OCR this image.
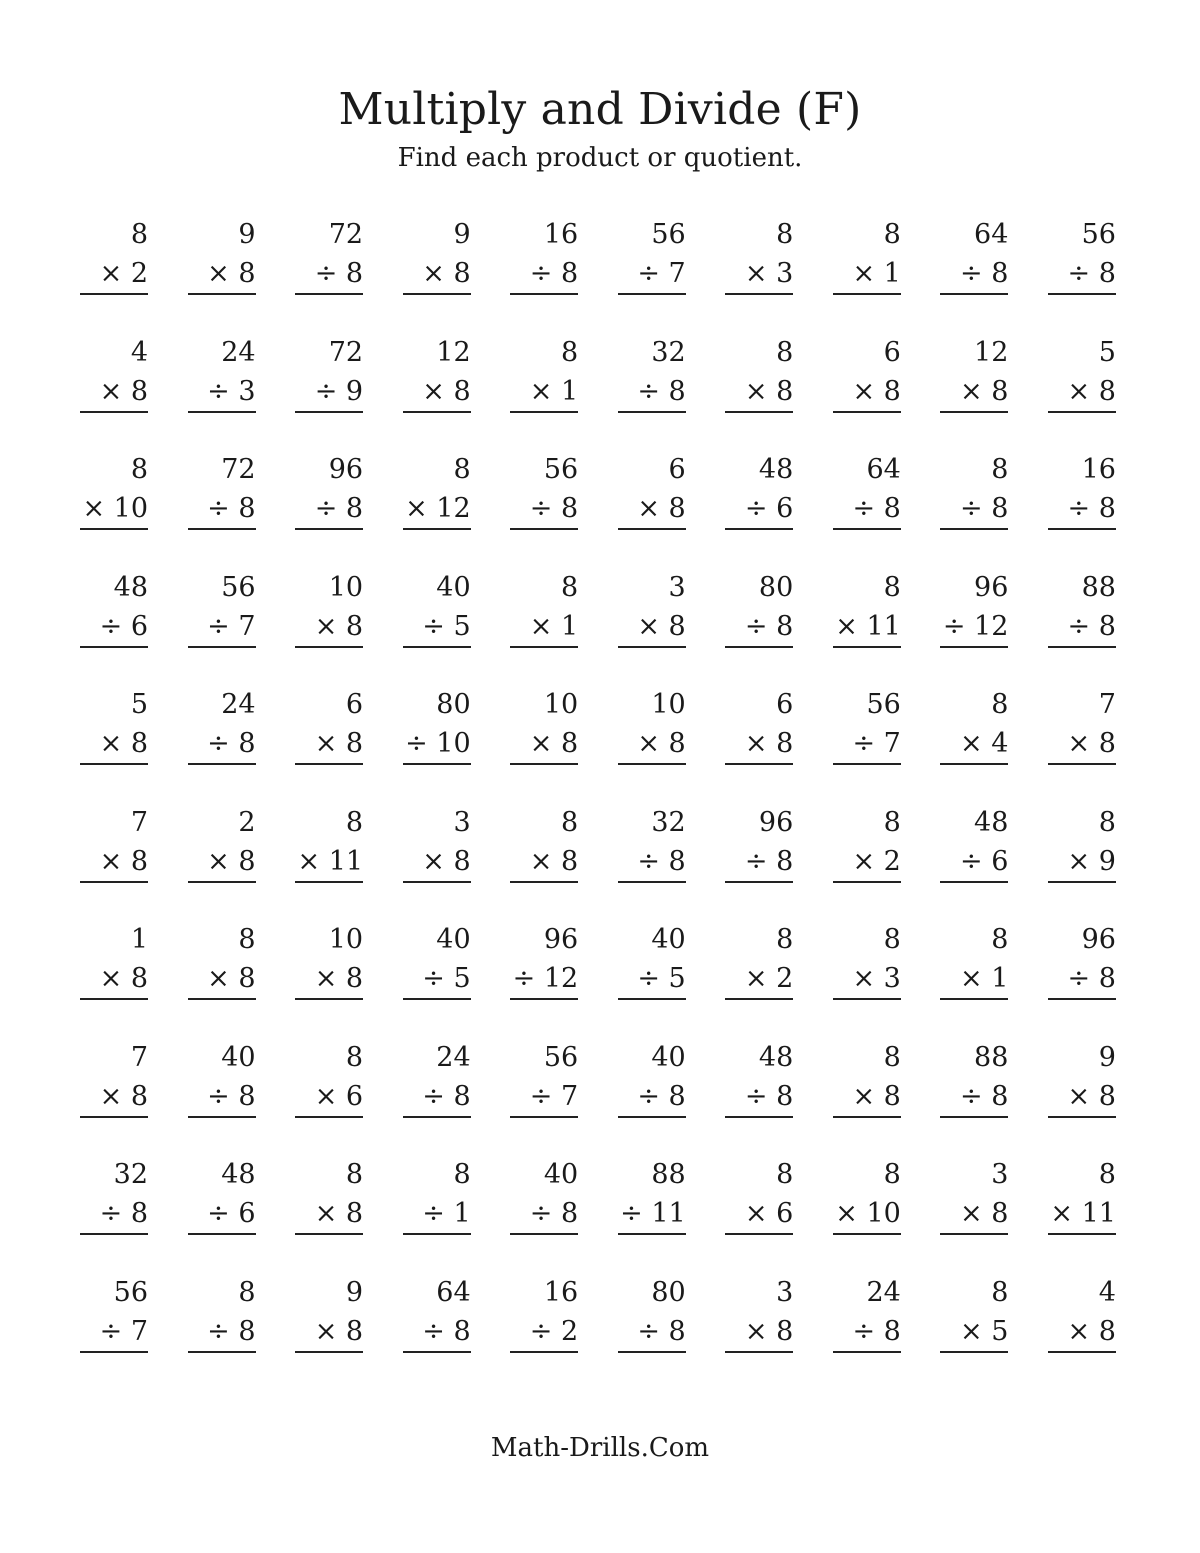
Multiply and Divide (F)
Find each product or quotient.
8
× 2
9
× 8
72
÷ 8
9
× 8
16
÷ 8
56
÷ 7
8
× 3
8
× 1
64
÷ 8
56
÷ 8
4
× 8
24
÷ 3
72
÷ 9
12
× 8
8
× 1
32
÷ 8
8
× 8
6
× 8
12
× 8
5
× 8
8
× 10
72
÷ 8
96
÷ 8
8
× 12
56
÷ 8
6
× 8
48
÷ 6
64
÷ 8
8
÷ 8
16
÷ 8
48
÷ 6
56
÷ 7
10
× 8
40
÷ 5
8
× 1
3
× 8
80
÷ 8
8
× 11
96
÷ 12
88
÷ 8
5
× 8
24
÷ 8
6
× 8
80
÷ 10
10
× 8
10
× 8
6
× 8
56
÷ 7
8
× 4
7
× 8
7
× 8
2
× 8
8
× 11
3
× 8
8
× 8
32
÷ 8
96
÷ 8
8
× 2
48
÷ 6
8
× 9
1
× 8
8
× 8
10
× 8
40
÷ 5
96
÷ 12
40
÷ 5
8
× 2
8
× 3
8
× 1
96
÷ 8
7
× 8
40
÷ 8
8
× 6
24
÷ 8
56
÷ 7
40
÷ 8
48
÷ 8
8
× 8
88
÷ 8
9
× 8
32
÷ 8
48
÷ 6
8
× 8
8
÷ 1
40
÷ 8
88
÷ 11
8
× 6
8
× 10
3
× 8
8
× 11
56
÷ 7
8
÷ 8
9
× 8
64
÷ 8
16
÷ 2
80
÷ 8
3
× 8
24
÷ 8
8
× 5
4
× 8
Math-Drills.Com
